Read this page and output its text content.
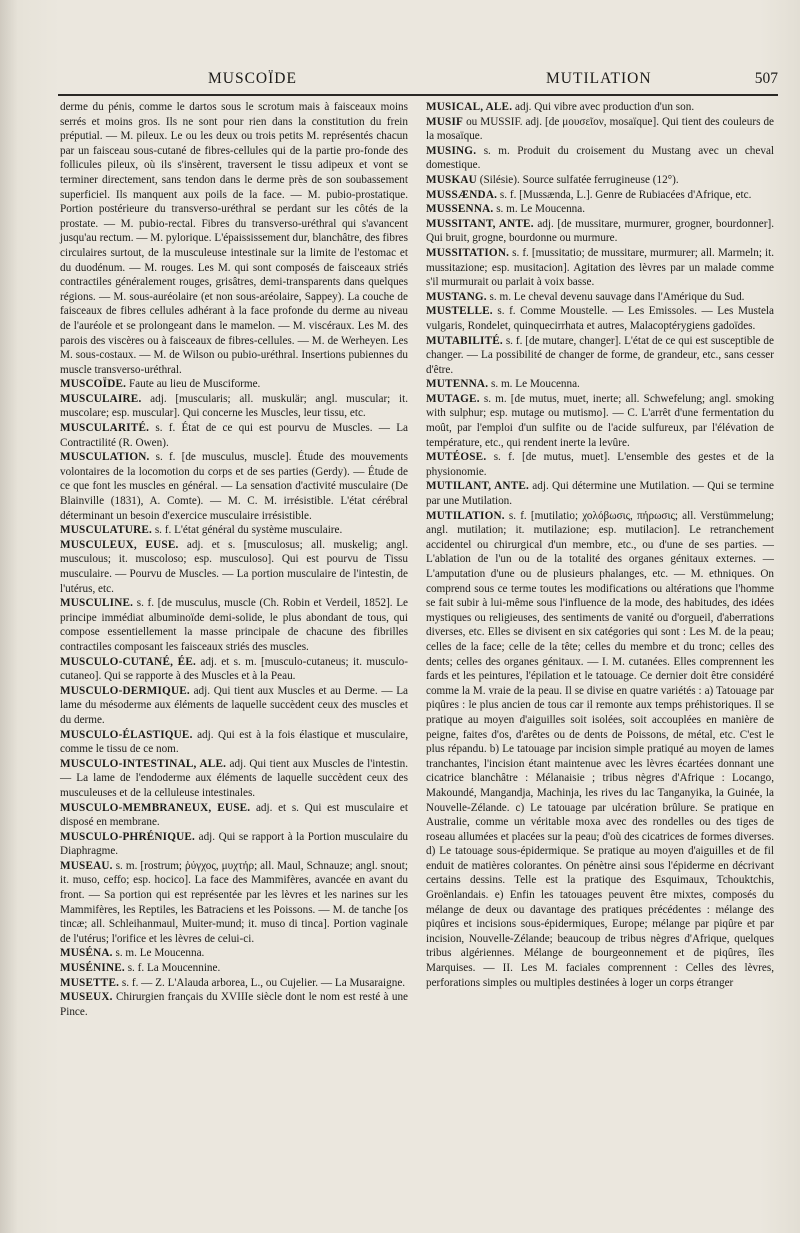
MUSCOÏDE	MUTILATION	507

derme du pénis, comme le dartos sous le scrotum mais à faisceaux moins serrés et moins gros. Ils ne sont pour rien dans la constitution du frein préputial. — M. pileux. Le ou les deux ou trois petits M. représentés chacun par un faisceau sous-cutané de fibres-cellules qui de la partie pro-fonde des follicules pileux, où ils s'insèrent, traversent le tissu adipeux et vont se terminer directement, sans tendon dans le derme près de son soubassement superficiel. Ils manquent aux poils de la face. — M. pubio-prostatique. Portion postérieure du transverso-uréthral se perdant sur les côtés de la prostate. — M. pubio-rectal. Fibres du transverso-uréthral qui s'avancent jusqu'au rectum. — M. pylorique. L'épaississement dur, blanchâtre, des fibres circulaires surtout, de la musculeuse intestinale sur la limite de l'estomac et du duodénum. — M. rouges. Les M. qui sont composés de faisceaux striés contractiles généralement rouges, grisâtres, demi-transparents dans quelques régions. — M. sous-auréolaire (et non sous-aréolaire, Sappey). La couche de faisceaux de fibres cellules adhérant à la face profonde du derme au niveau de l'auréole et se prolongeant dans le mamelon. — M. viscéraux. Les M. des parois des viscères ou à faisceaux de fibres-cellules. — M. de Werheyen. Les M. sous-costaux. — M. de Wilson ou pubio-uréthral. Insertions pubiennes du muscle transverso-uréthral.

MUSCOÏDE. Faute au lieu de Musciforme.

MUSCULAIRE. adj. [muscularis; all. muskulär; angl. muscular; it. muscolare; esp. muscular]. Qui concerne les Muscles, leur tissu, etc.

MUSCULARITÉ. s. f. État de ce qui est pourvu de Muscles. — La Contractilité (R. Owen).

MUSCULATION. s. f. [de musculus, muscle]. Étude des mouvements volontaires de la locomotion du corps et de ses parties (Gerdy). — Étude de ce que font les muscles en général. — La sensation d'activité musculaire (De Blainville (1831), A. Comte). — M. C. M. irrésistible. L'état cérébral déterminant un besoin d'exercice musculaire irrésistible.

MUSCULATURE. s. f. L'état général du système musculaire.

MUSCULEUX, EUSE. adj. et s. [musculosus; all. muskelig; angl. musculous; it. muscoloso; esp. musculoso]. Qui est pourvu de Tissu musculaire. — Pourvu de Muscles. — La portion musculaire de l'intestin, de l'utérus, etc.

MUSCULINE. s. f. [de musculus, muscle (Ch. Robin et Verdeil, 1852]. Le principe immédiat albuminoïde demi-solide, le plus abondant de tous, qui compose essentiellement la masse principale de chacune des fibrilles contractiles composant les faisceaux striés des muscles.

MUSCULO-CUTANÉ, ÉE. adj. et s. m. [musculo-cutaneus; it. musculo-cutaneo]. Qui se rapporte à des Muscles et à la Peau.

MUSCULO-DERMIQUE. adj. Qui tient aux Muscles et au Derme. — La lame du mésoderme aux éléments de laquelle succèdent ceux des muscles et du derme.

MUSCULO-ÉLASTIQUE. adj. Qui est à la fois élastique et musculaire, comme le tissu de ce nom.

MUSCULO-INTESTINAL, ALE. adj. Qui tient aux Muscles de l'intestin. — La lame de l'endoderme aux éléments de laquelle succèdent ceux des musculeuses et de la celluleuse intestinales.

MUSCULO-MEMBRANEUX, EUSE. adj. et s. Qui est musculaire et disposé en membrane.

MUSCULO-PHRÉNIQUE. adj. Qui se rapport à la Portion musculaire du Diaphragme.

MUSEAU. s. m. [rostrum; ῥύγχος, μυχτήρ; all. Maul, Schnauze; angl. snout; it. muso, ceffo; esp. hocico]. La face des Mammifères, avancée en avant du front. — Sa portion qui est représentée par les lèvres et les narines sur les Mammifères, les Reptiles, les Batraciens et les Poissons. — M. de tanche [os tincæ; all. Schleihanmaul, Muiter-mund; it. muso di tinca]. Portion vaginale de l'utérus; l'orifice et les lèvres de celui-ci.

MUSÉNA. s. m. Le Moucenna.

MUSÉNINE. s. f. La Moucennine.

MUSETTE. s. f. — Z. L'Alauda arborea, L., ou Cujelier. — La Musaraigne.

MUSEUX. Chirurgien français du XVIIIe siècle dont le nom est resté à une Pince.

MUSICAL, ALE. adj. Qui vibre avec production d'un son.

MUSIF ou MUSSIF. adj. [de μουσεῖον, mosaïque]. Qui tient des couleurs de la mosaïque.

MUSING. s. m. Produit du croisement du Mustang avec un cheval domestique.

MUSKAU (Silésie). Source sulfatée ferrugineuse (12°).

MUSSÆNDA. s. f. [Mussænda, L.]. Genre de Rubiacées d'Afrique, etc.

MUSSENNA. s. m. Le Moucenna.

MUSSITANT, ANTE. adj. [de mussitare, murmurer, grogner, bourdonner]. Qui bruit, grogne, bourdonne ou murmure.

MUSSITATION. s. f. [mussitatio; de mussitare, murmurer; all. Marmeln; it. mussitazione; esp. musitacion]. Agitation des lèvres par un malade comme s'il murmurait ou parlait à voix basse.

MUSTANG. s. m. Le cheval devenu sauvage dans l'Amérique du Sud.

MUSTELLE. s. f. Comme Moustelle. — Les Emissoles. — Les Mustela vulgaris, Rondelet, quinquecirrhata et autres, Malacoptérygiens gadoïdes.

MUTABILITÉ. s. f. [de mutare, changer]. L'état de ce qui est susceptible de changer. — La possibilité de changer de forme, de grandeur, etc., sans cesser d'être.

MUTENNA. s. m. Le Moucenna.

MUTAGE. s. m. [de mutus, muet, inerte; all. Schwefelung; angl. smoking with sulphur; esp. mutage ou mutismo]. — C. L'arrêt d'une fermentation du moût, par l'emploi d'un sulfite ou de l'acide sulfureux, par l'élévation de température, etc., qui rendent inerte la levûre.

MUTÉOSE. s. f. [de mutus, muet]. L'ensemble des gestes et de la physionomie.

MUTILANT, ANTE. adj. Qui détermine une Mutilation. — Qui se termine par une Mutilation.

MUTILATION. s. f. [mutilatio; χολόβωσις, πήρωσις; all. Verstümmelung; angl. mutilation; it. mutilazione; esp. mutilacion]. Le retranchement accidentel ou chirurgical d'un membre, etc., ou d'une de ses parties. — L'ablation de l'un ou de la totalité des organes génitaux externes. — L'amputation d'une ou de plusieurs phalanges, etc. — M. ethniques. On comprend sous ce terme toutes les modifications ou altérations que l'homme se fait subir à lui-même sous l'influence de la mode, des habitudes, des idées mystiques ou religieuses, des sentiments de vanité ou d'orgueil, d'aberrations diverses, etc. Elles se divisent en six catégories qui sont : Les M. de la peau; celles de la face; celle de la tête; celles du membre et du tronc; celles des dents; celles des organes génitaux. — I. M. cutanées. Elles comprennent les fards et les peintures, l'épilation et le tatouage. Ce dernier doit être considéré comme la M. vraie de la peau. Il se divise en quatre variétés : a) Tatouage par piqûres : le plus ancien de tous car il remonte aux temps préhistoriques. Il se pratique au moyen d'aiguilles soit isolées, soit accouplées en manière de peigne, faites d'os, d'arêtes ou de dents de Poissons, de métal, etc. C'est le plus répandu. b) Le tatouage par incision simple pratiqué au moyen de lames tranchantes, l'incision étant maintenue avec les lèvres écartées donnant une cicatrice blanchâtre : Mélanaisie ; tribus nègres d'Afrique : Locango, Makoundé, Mangandja, Machinja, les rives du lac Tanganyika, la Guinée, la Nouvelle-Zélande. c) Le tatouage par ulcération brûlure. Se pratique en Australie, comme un véritable moxa avec des rondelles ou des tiges de roseau allumées et placées sur la peau; d'où des cicatrices de formes diverses. d) Le tatouage sous-épidermique. Se pratique au moyen d'aiguilles et de fil enduit de matières colorantes. On pénètre ainsi sous l'épiderme en décrivant certains dessins. Telle est la pratique des Esquimaux, Tchouktchis, Groënlandais. e) Enfin les tatouages peuvent être mixtes, composés du mélange de deux ou davantage des pratiques précédentes : mélange des piqûres et incisions sous-épidermiques, Europe; mélange par piqûre et par incision, Nouvelle-Zélande; beaucoup de tribus nègres d'Afrique, quelques tribus algériennes. Mélange de bourgeonnement et de piqûres, îles Marquises. — II. Les M. faciales comprennent : Celles des lèvres, perforations simples ou multiples destinées à loger un corps étranger
